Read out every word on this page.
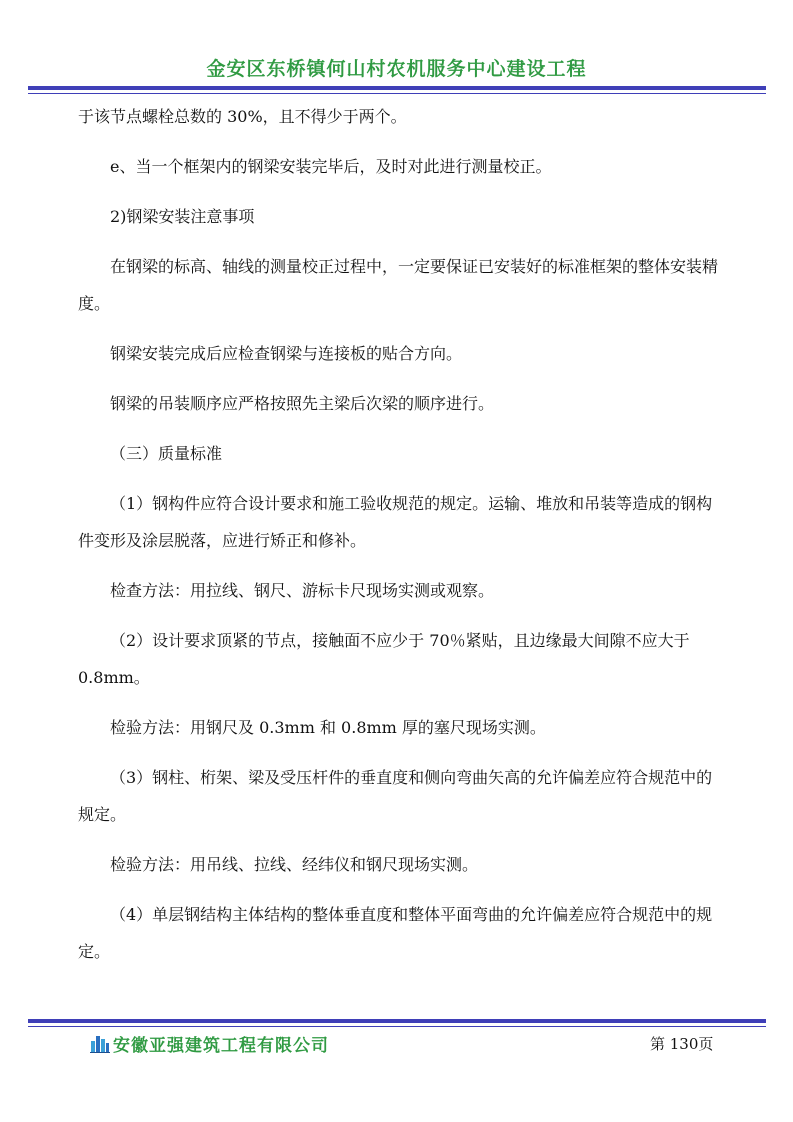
金安区东桥镇何山村农机服务中心建设工程

于该节点螺栓总数的 30%，且不得少于两个。

e、当一个框架内的钢梁安装完毕后，及时对此进行测量校正。

2)钢梁安装注意事项

在钢梁的标高、轴线的测量校正过程中，一定要保证已安装好的标准框架的整体安装精度。

钢梁安装完成后应检查钢梁与连接板的贴合方向。

钢梁的吊装顺序应严格按照先主梁后次梁的顺序进行。

（三）质量标准

（1）钢构件应符合设计要求和施工验收规范的规定。运输、堆放和吊装等造成的钢构件变形及涂层脱落，应进行矫正和修补。

检查方法：用拉线、钢尺、游标卡尺现场实测或观察。

（2）设计要求顶紧的节点，接触面不应少于 70％紧贴，且边缘最大间隙不应大于 0.8mm。

检验方法：用钢尺及 0.3mm 和 0.8mm 厚的塞尺现场实测。

（3）钢柱、桁架、梁及受压杆件的垂直度和侧向弯曲矢高的允许偏差应符合规范中的规定。

检验方法：用吊线、拉线、经纬仪和钢尺现场实测。

（4）单层钢结构主体结构的整体垂直度和整体平面弯曲的允许偏差应符合规范中的规定。

安徽亚强建筑工程有限公司	第 130页
